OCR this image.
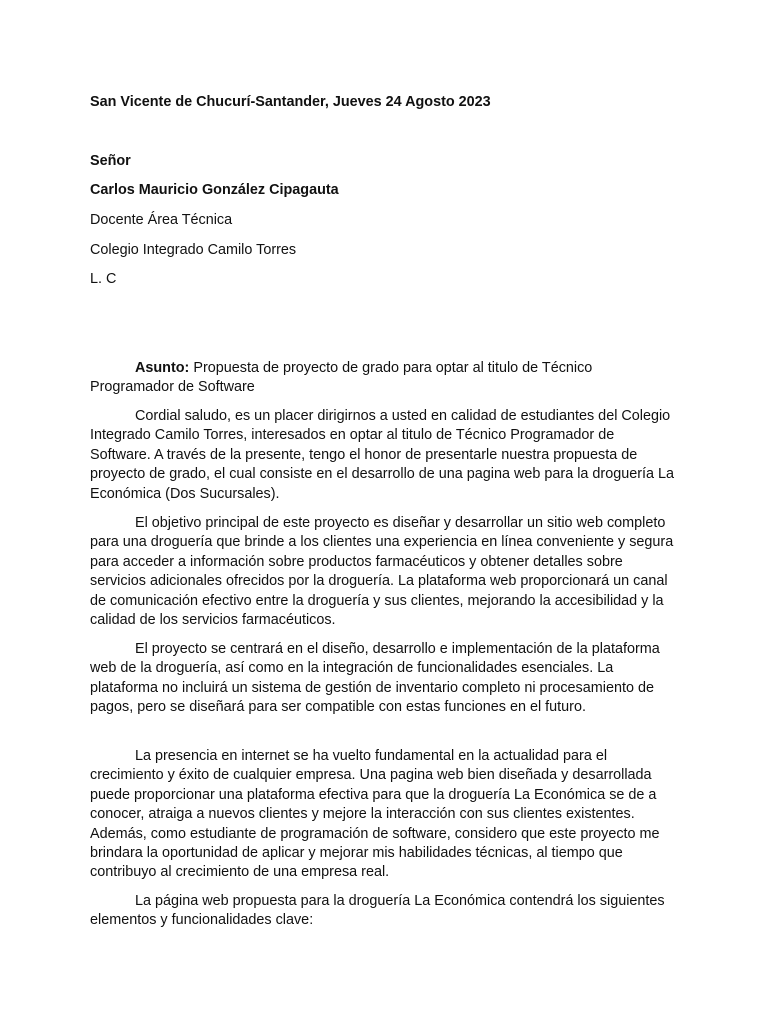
San Vicente de Chucurí-Santander, Jueves 24 Agosto 2023
Señor
Carlos Mauricio González Cipagauta
Docente Área Técnica
Colegio Integrado Camilo Torres
L. C
Asunto: Propuesta de proyecto de grado para optar al titulo de Técnico Programador de Software
Cordial saludo, es un placer dirigirnos a usted en calidad de estudiantes del Colegio Integrado Camilo Torres, interesados en optar al titulo de Técnico Programador de Software. A través de la presente, tengo el honor de presentarle nuestra propuesta de proyecto de grado, el cual consiste en el desarrollo de una pagina web para la droguería La Económica (Dos Sucursales).
El objetivo principal de este proyecto es diseñar y desarrollar un sitio web completo para una droguería que brinde a los clientes una experiencia en línea conveniente y segura para acceder a información sobre productos farmacéuticos y obtener detalles sobre servicios adicionales ofrecidos por la droguería. La plataforma web proporcionará un canal de comunicación efectivo entre la droguería y sus clientes, mejorando la accesibilidad y la calidad de los servicios farmacéuticos.
El proyecto se centrará en el diseño, desarrollo e implementación de la plataforma web de la droguería, así como en la integración de funcionalidades esenciales. La plataforma no incluirá un sistema de gestión de inventario completo ni procesamiento de pagos, pero se diseñará para ser compatible con estas funciones en el futuro.
La presencia en internet se ha vuelto fundamental en la actualidad para el crecimiento y éxito de cualquier empresa. Una pagina web bien diseñada y desarrollada puede proporcionar una plataforma efectiva para que la droguería La Económica se de a conocer, atraiga a nuevos clientes y mejore la interacción con sus clientes existentes. Además, como estudiante de programación de software, considero que este proyecto me brindara la oportunidad de aplicar y mejorar mis habilidades técnicas, al tiempo que contribuyo al crecimiento de una empresa real.
La página web propuesta para la droguería La Económica contendrá los siguientes elementos y funcionalidades clave:
